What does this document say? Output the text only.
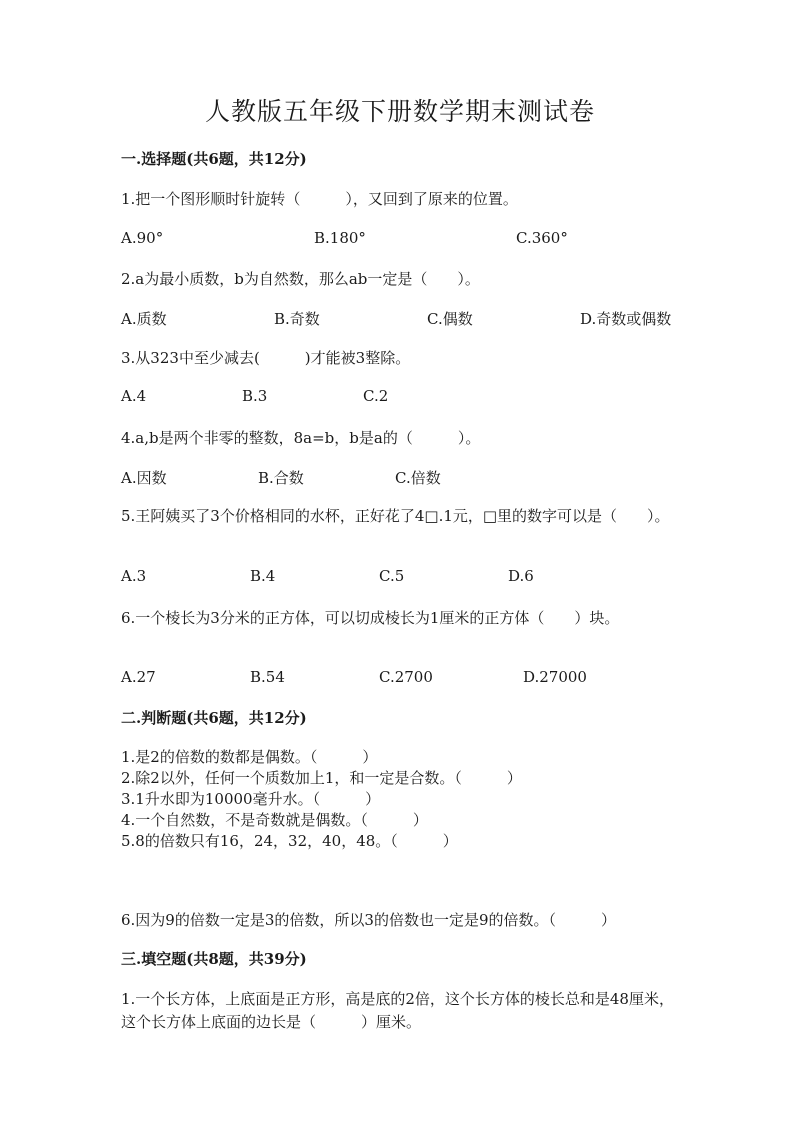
人教版五年级下册数学期末测试卷
一.选择题(共6题，共12分)
1.把一个图形顺时针旋转（　　　），又回到了原来的位置。
A.90°	B.180°	C.360°
2.a为最小质数，b为自然数，那么ab一定是（　　）。
A.质数	B.奇数	C.偶数	D.奇数或偶数
3.从323中至少减去(　　　)才能被3整除。
A.4	B.3	C.2
4.a,b是两个非零的整数，8a=b，b是a的（　　　）。
A.因数	B.合数	C.倍数
5.王阿姨买了3个价格相同的水杯，正好花了4□.1元，□里的数字可以是（　　）。
A.3	B.4	C.5	D.6
6.一个棱长为3分米的正方体，可以切成棱长为1厘米的正方体（　　）块。
A.27	B.54	C.2700	D.27000
二.判断题(共6题，共12分)
1.是2的倍数的数都是偶数。（　　　）
2.除2以外，任何一个质数加上1，和一定是合数。（　　　）
3.1升水即为10000毫升水。（　　　）
4.一个自然数，不是奇数就是偶数。（　　　）
5.8的倍数只有16，24，32，40，48。（　　　）
6.因为9的倍数一定是3的倍数，所以3的倍数也一定是9的倍数。（　　　）
三.填空题(共8题，共39分)
1.一个长方体，上底面是正方形，高是底的2倍，这个长方体的棱长总和是48厘米，这个长方体上底面的边长是（　　　）厘米。
